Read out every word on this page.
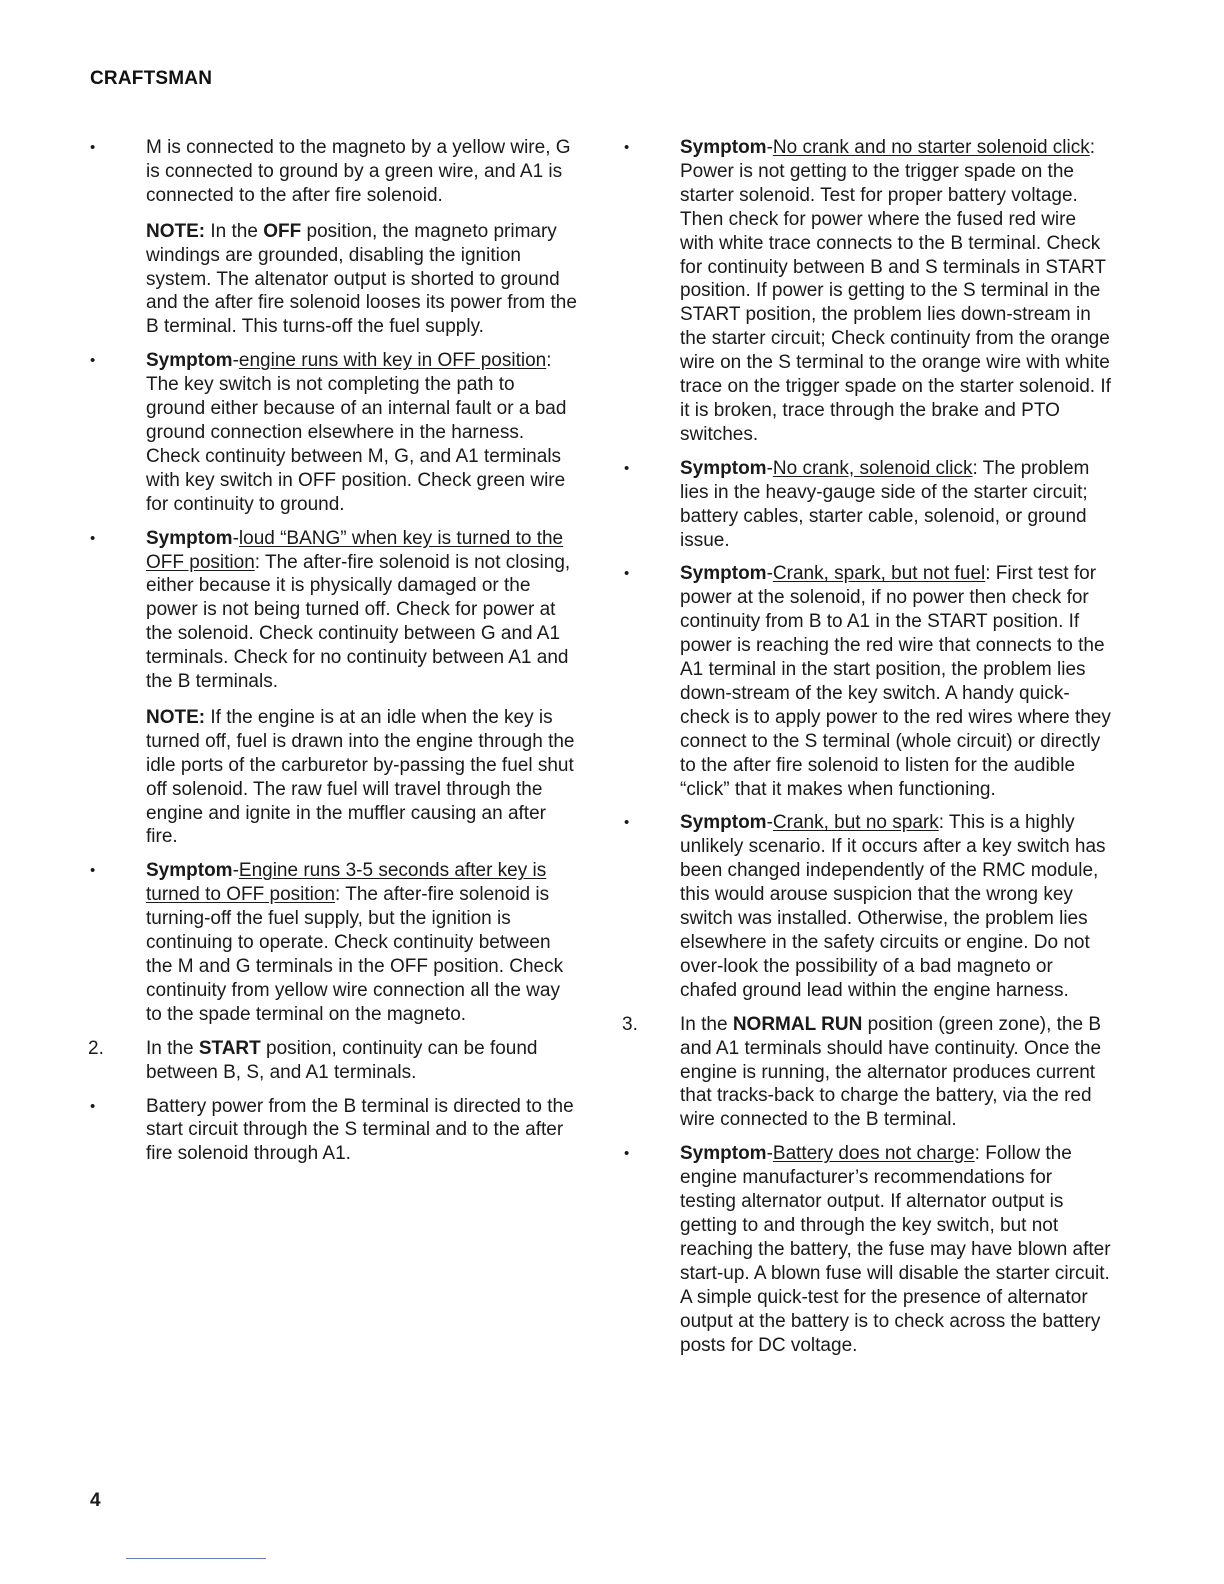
CRAFTSMAN
•	M is connected to the magneto by a yellow wire, G is connected to ground by a green wire, and A1 is connected to the after fire solenoid.
NOTE: In the OFF position, the magneto primary windings are grounded, disabling the ignition system. The altenator output is shorted to ground and the after fire solenoid looses its power from the B terminal. This turns-off the fuel supply.
•	Symptom-engine runs with key in OFF position: The key switch is not completing the path to ground either because of an internal fault or a bad ground connection elsewhere in the harness. Check continuity between M, G, and A1 terminals with key switch in OFF position. Check green wire for continuity to ground.
•	Symptom-loud “BANG” when key is turned to the OFF position: The after-fire solenoid is not closing, either because it is physically damaged or the power is not being turned off. Check for power at the solenoid. Check continuity between G and A1 terminals. Check for no continuity between A1 and the B terminals.
NOTE: If the engine is at an idle when the key is turned off, fuel is drawn into the engine through the idle ports of the carburetor by-passing the fuel shut off solenoid. The raw fuel will travel through the engine and ignite in the muffler causing an after fire.
•	Symptom-Engine runs 3-5 seconds after key is turned to OFF position: The after-fire solenoid is turning-off the fuel supply, but the ignition is continuing to operate. Check continuity between the M and G terminals in the OFF position. Check continuity from yellow wire connection all the way to the spade terminal on the magneto.
2. In the START position, continuity can be found between B, S, and A1 terminals.
•	Battery power from the B terminal is directed to the start circuit through the S terminal and to the after fire solenoid through A1.
•	Symptom-No crank and no starter solenoid click: Power is not getting to the trigger spade on the starter solenoid. Test for proper battery voltage. Then check for power where the fused red wire with white trace connects to the B terminal. Check for continuity between B and S terminals in START position. If power is getting to the S terminal in the START position, the problem lies down-stream in the starter circuit; Check continuity from the orange wire on the S terminal to the orange wire with white trace on the trigger spade on the starter solenoid. If it is broken, trace through the brake and PTO switches.
•	Symptom-No crank, solenoid click: The problem lies in the heavy-gauge side of the starter circuit; battery cables, starter cable, solenoid, or ground issue.
•	Symptom-Crank, spark, but not fuel: First test for power at the solenoid, if no power then check for continuity from B to A1 in the START position. If power is reaching the red wire that connects to the A1 terminal in the start position, the problem lies down-stream of the key switch. A handy quick-check is to apply power to the red wires where they connect to the S terminal (whole circuit) or directly to the after fire solenoid to listen for the audible “click” that it makes when functioning.
•	Symptom-Crank, but no spark: This is a highly unlikely scenario. If it occurs after a key switch has been changed independently of the RMC module, this would arouse suspicion that the wrong key switch was installed. Otherwise, the problem lies elsewhere in the safety circuits or engine. Do not over-look the possibility of a bad magneto or chafed ground lead within the engine harness.
3. In the NORMAL RUN position (green zone), the B and A1 terminals should have continuity. Once the engine is running, the alternator produces current that tracks-back to charge the battery, via the red wire connected to the B terminal.
•	Symptom-Battery does not charge: Follow the engine manufacturer’s recommendations for testing alternator output. If alternator output is getting to and through the key switch, but not reaching the battery, the fuse may have blown after start-up. A blown fuse will disable the starter circuit. A simple quick-test for the presence of alternator output at the battery is to check across the battery posts for DC voltage.
4
